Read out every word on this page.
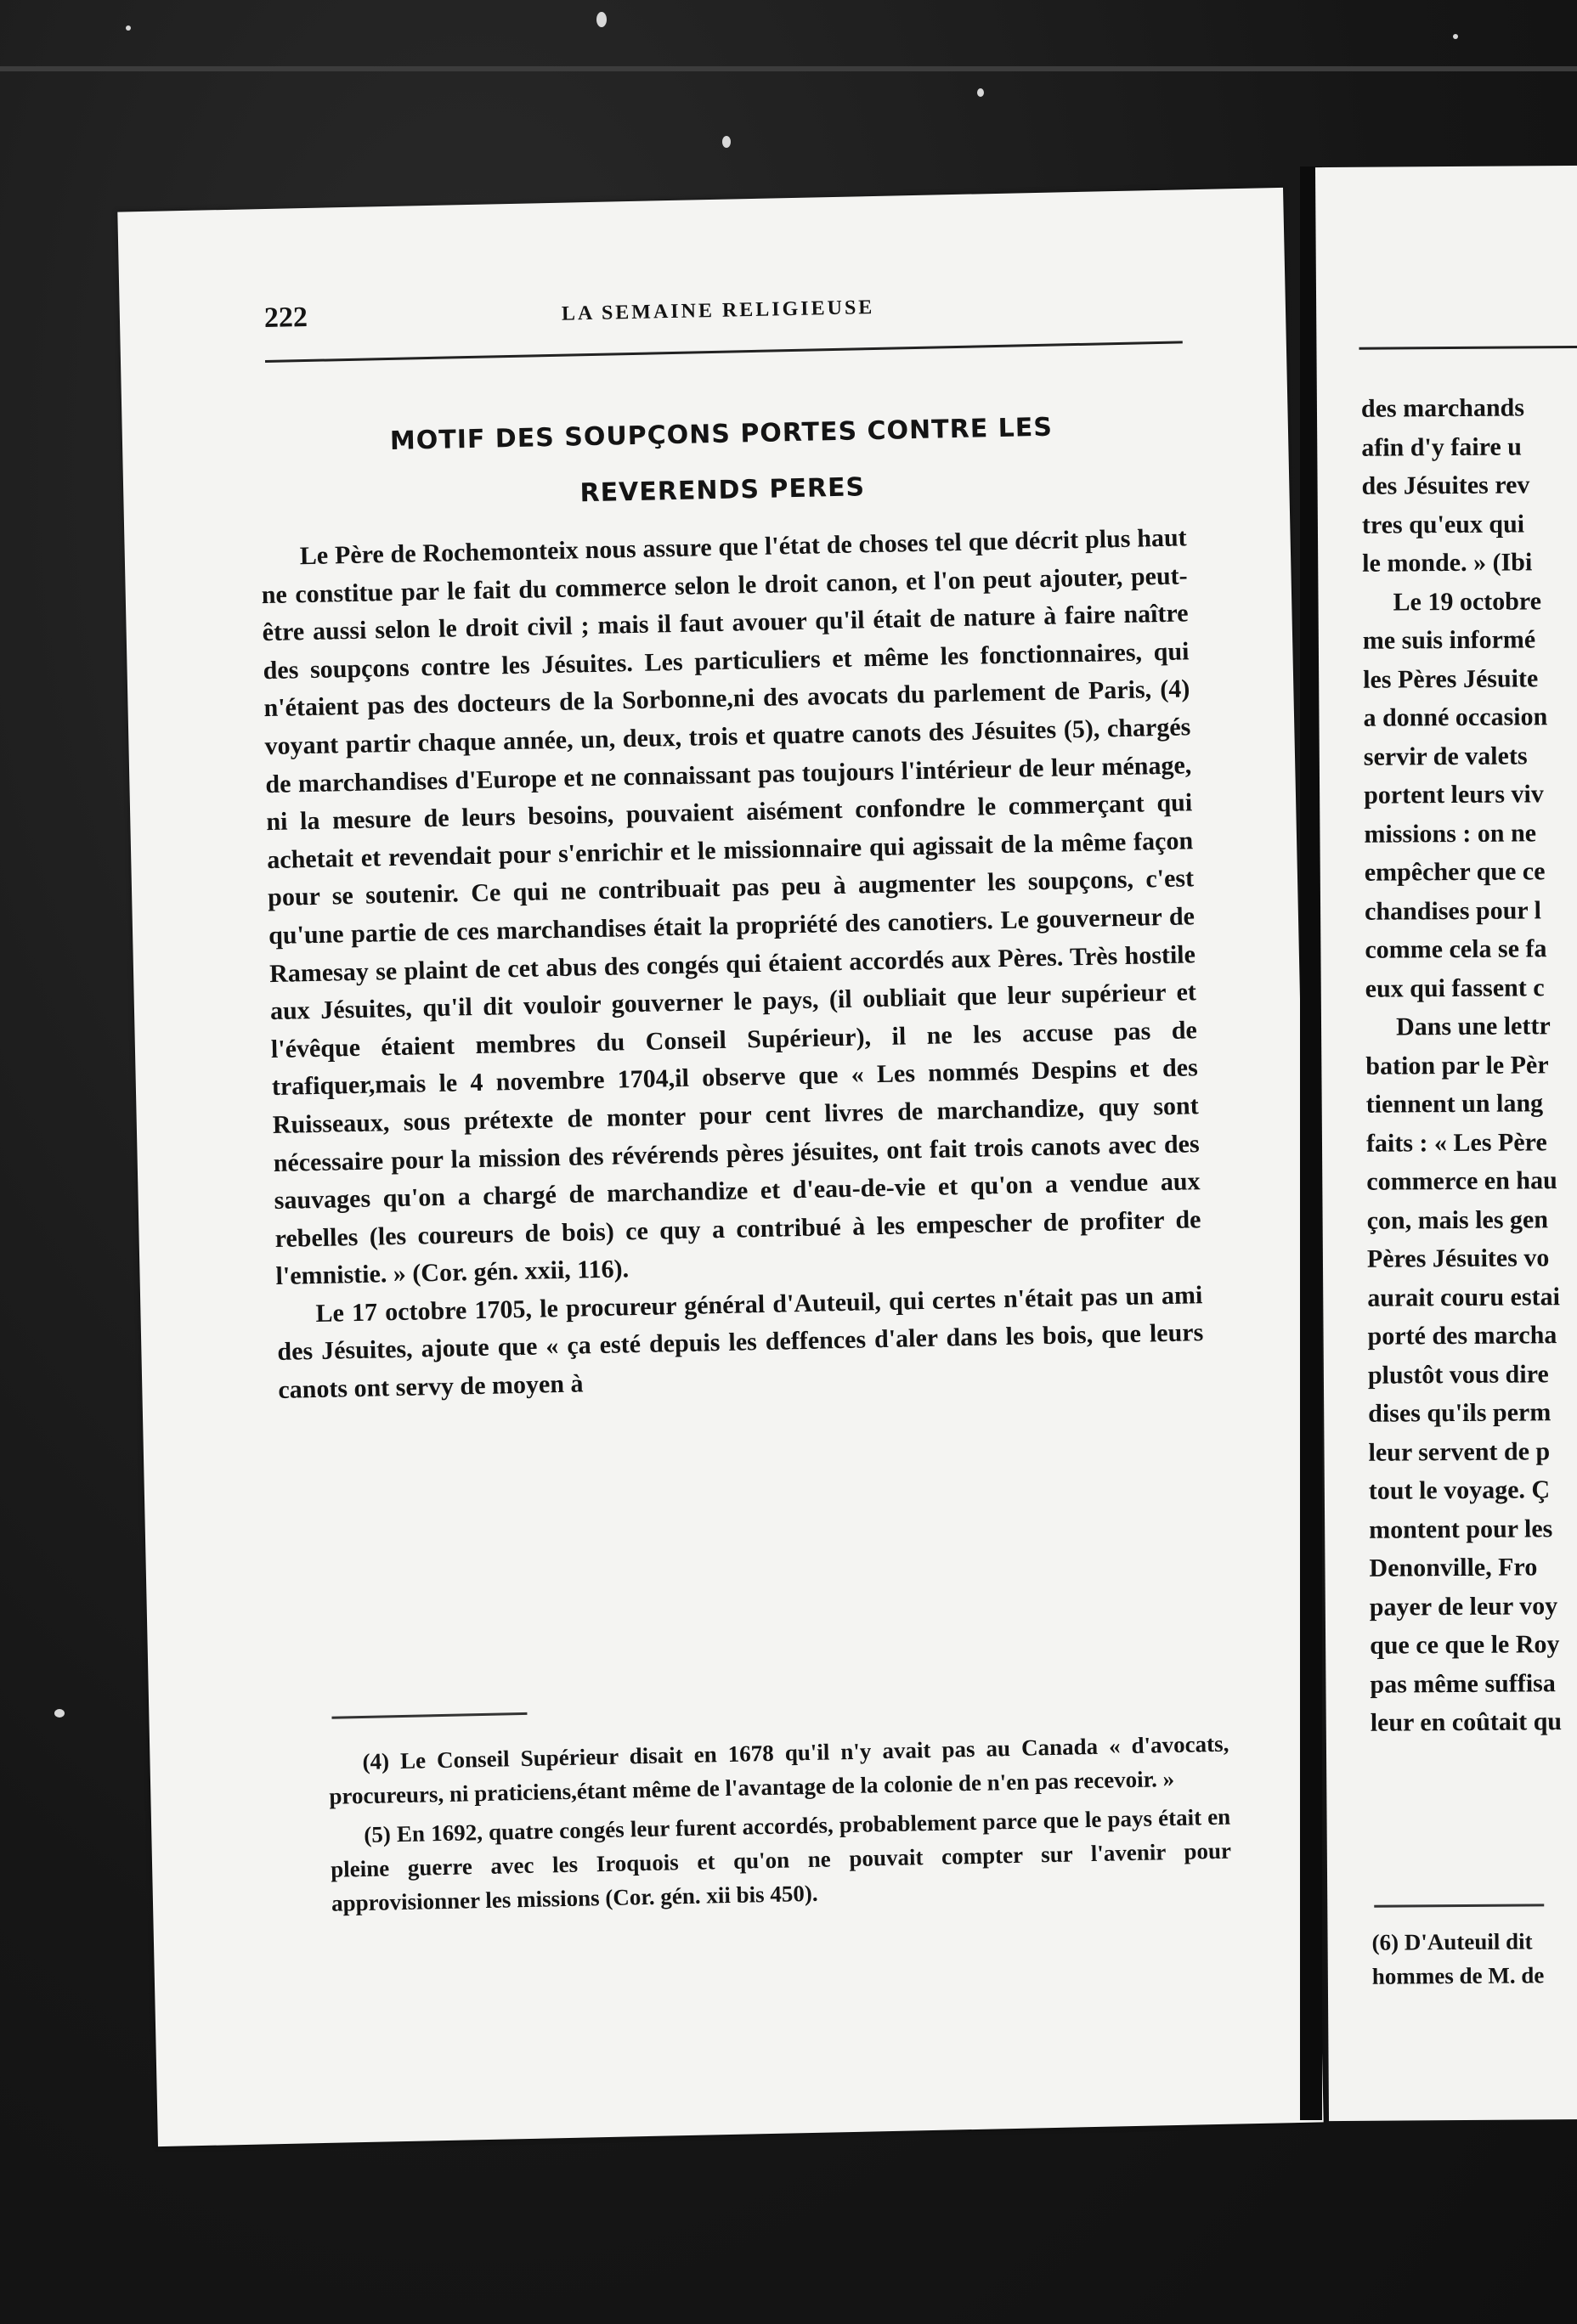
222	LA SEMAINE RELIGIEUSE
MOTIF DES SOUPÇONS PORTES CONTRE LES
REVERENDS PERES

Le Père de Rochemonteix nous assure que l'état de choses tel que décrit plus haut ne constitue par le fait du commerce selon le droit canon, et l'on peut ajouter, peut-être aussi selon le droit civil ; mais il faut avouer qu'il était de nature à faire naître des soupçons contre les Jésuites. Les particuliers et même les fonctionnaires, qui n'étaient pas des docteurs de la Sorbonne,ni des avocats du parlement de Paris, (4) voyant partir chaque année, un, deux, trois et quatre canots des Jésuites (5), chargés de marchandises d'Europe et ne connaissant pas toujours l'intérieur de leur ménage, ni la mesure de leurs besoins, pouvaient aisément confondre le commerçant qui achetait et revendait pour s'enrichir et le missionnaire qui agissait de la même façon pour se soutenir. Ce qui ne contribuait pas peu à augmenter les soupçons, c'est qu'une partie de ces marchandises était la propriété des canotiers. Le gouverneur de Ramesay se plaint de cet abus des congés qui étaient accordés aux Pères. Très hostile aux Jésuites, qu'il dit vouloir gouverner le pays, (il oubliait que leur supérieur et l'évêque étaient membres du Conseil Supérieur), il ne les accuse pas de trafiquer,mais le 4 novembre 1704,il observe que « Les nommés Despins et des Ruisseaux, sous prétexte de monter pour cent livres de marchandize, quy sont nécessaire pour la mission des révérends pères jésuites, ont fait trois canots avec des sauvages qu'on a chargé de marchandize et d'eau-de-vie et qu'on a vendue aux rebelles (les coureurs de bois) ce quy a contribué à les empescher de profiter de l'emnistie. » (Cor. gén. xxii, 116).

Le 17 octobre 1705, le procureur général d'Auteuil, qui certes n'était pas un ami des Jésuites, ajoute que « ça esté depuis les deffences d'aler dans les bois, que leurs canots ont servy de moyen à

(4) Le Conseil Supérieur disait en 1678 qu'il n'y avait pas au Canada « d'avocats, procureurs, ni praticiens,étant même de l'avantage de la colonie de n'en pas recevoir. »

(5) En 1692, quatre congés leur furent accordés, probablement parce que le pays était en pleine guerre avec les Iroquois et qu'on ne pouvait compter sur l'avenir pour approvisionner les missions (Cor. gén. xii bis 450).

des marchands
afin d'y faire u
des Jésuites rev
tres qu'eux qui
le monde. » (Ibi
Le 19 octobre
me suis informé
les Pères Jésuite
a donné occasion
servir de valets
portent leurs viv
missions : on ne
empêcher que ce
chandises pour l
comme cela se fa
eux qui fassent c
Dans une lettr
bation par le Pèr
tiennent un lang
faits : « Les Père
commerce en hau
çon, mais les gen
Pères Jésuites vo
aurait couru estai
porté des marcha
plustôt vous dire
dises qu'ils perm
leur servent de p
tout le voyage. Ç
montent pour les
Denonville, Fro
payer de leur voy
que ce que le Roy
pas même suffisa
leur en coûtait qu
(6) D'Auteuil dit
hommes de M. de
